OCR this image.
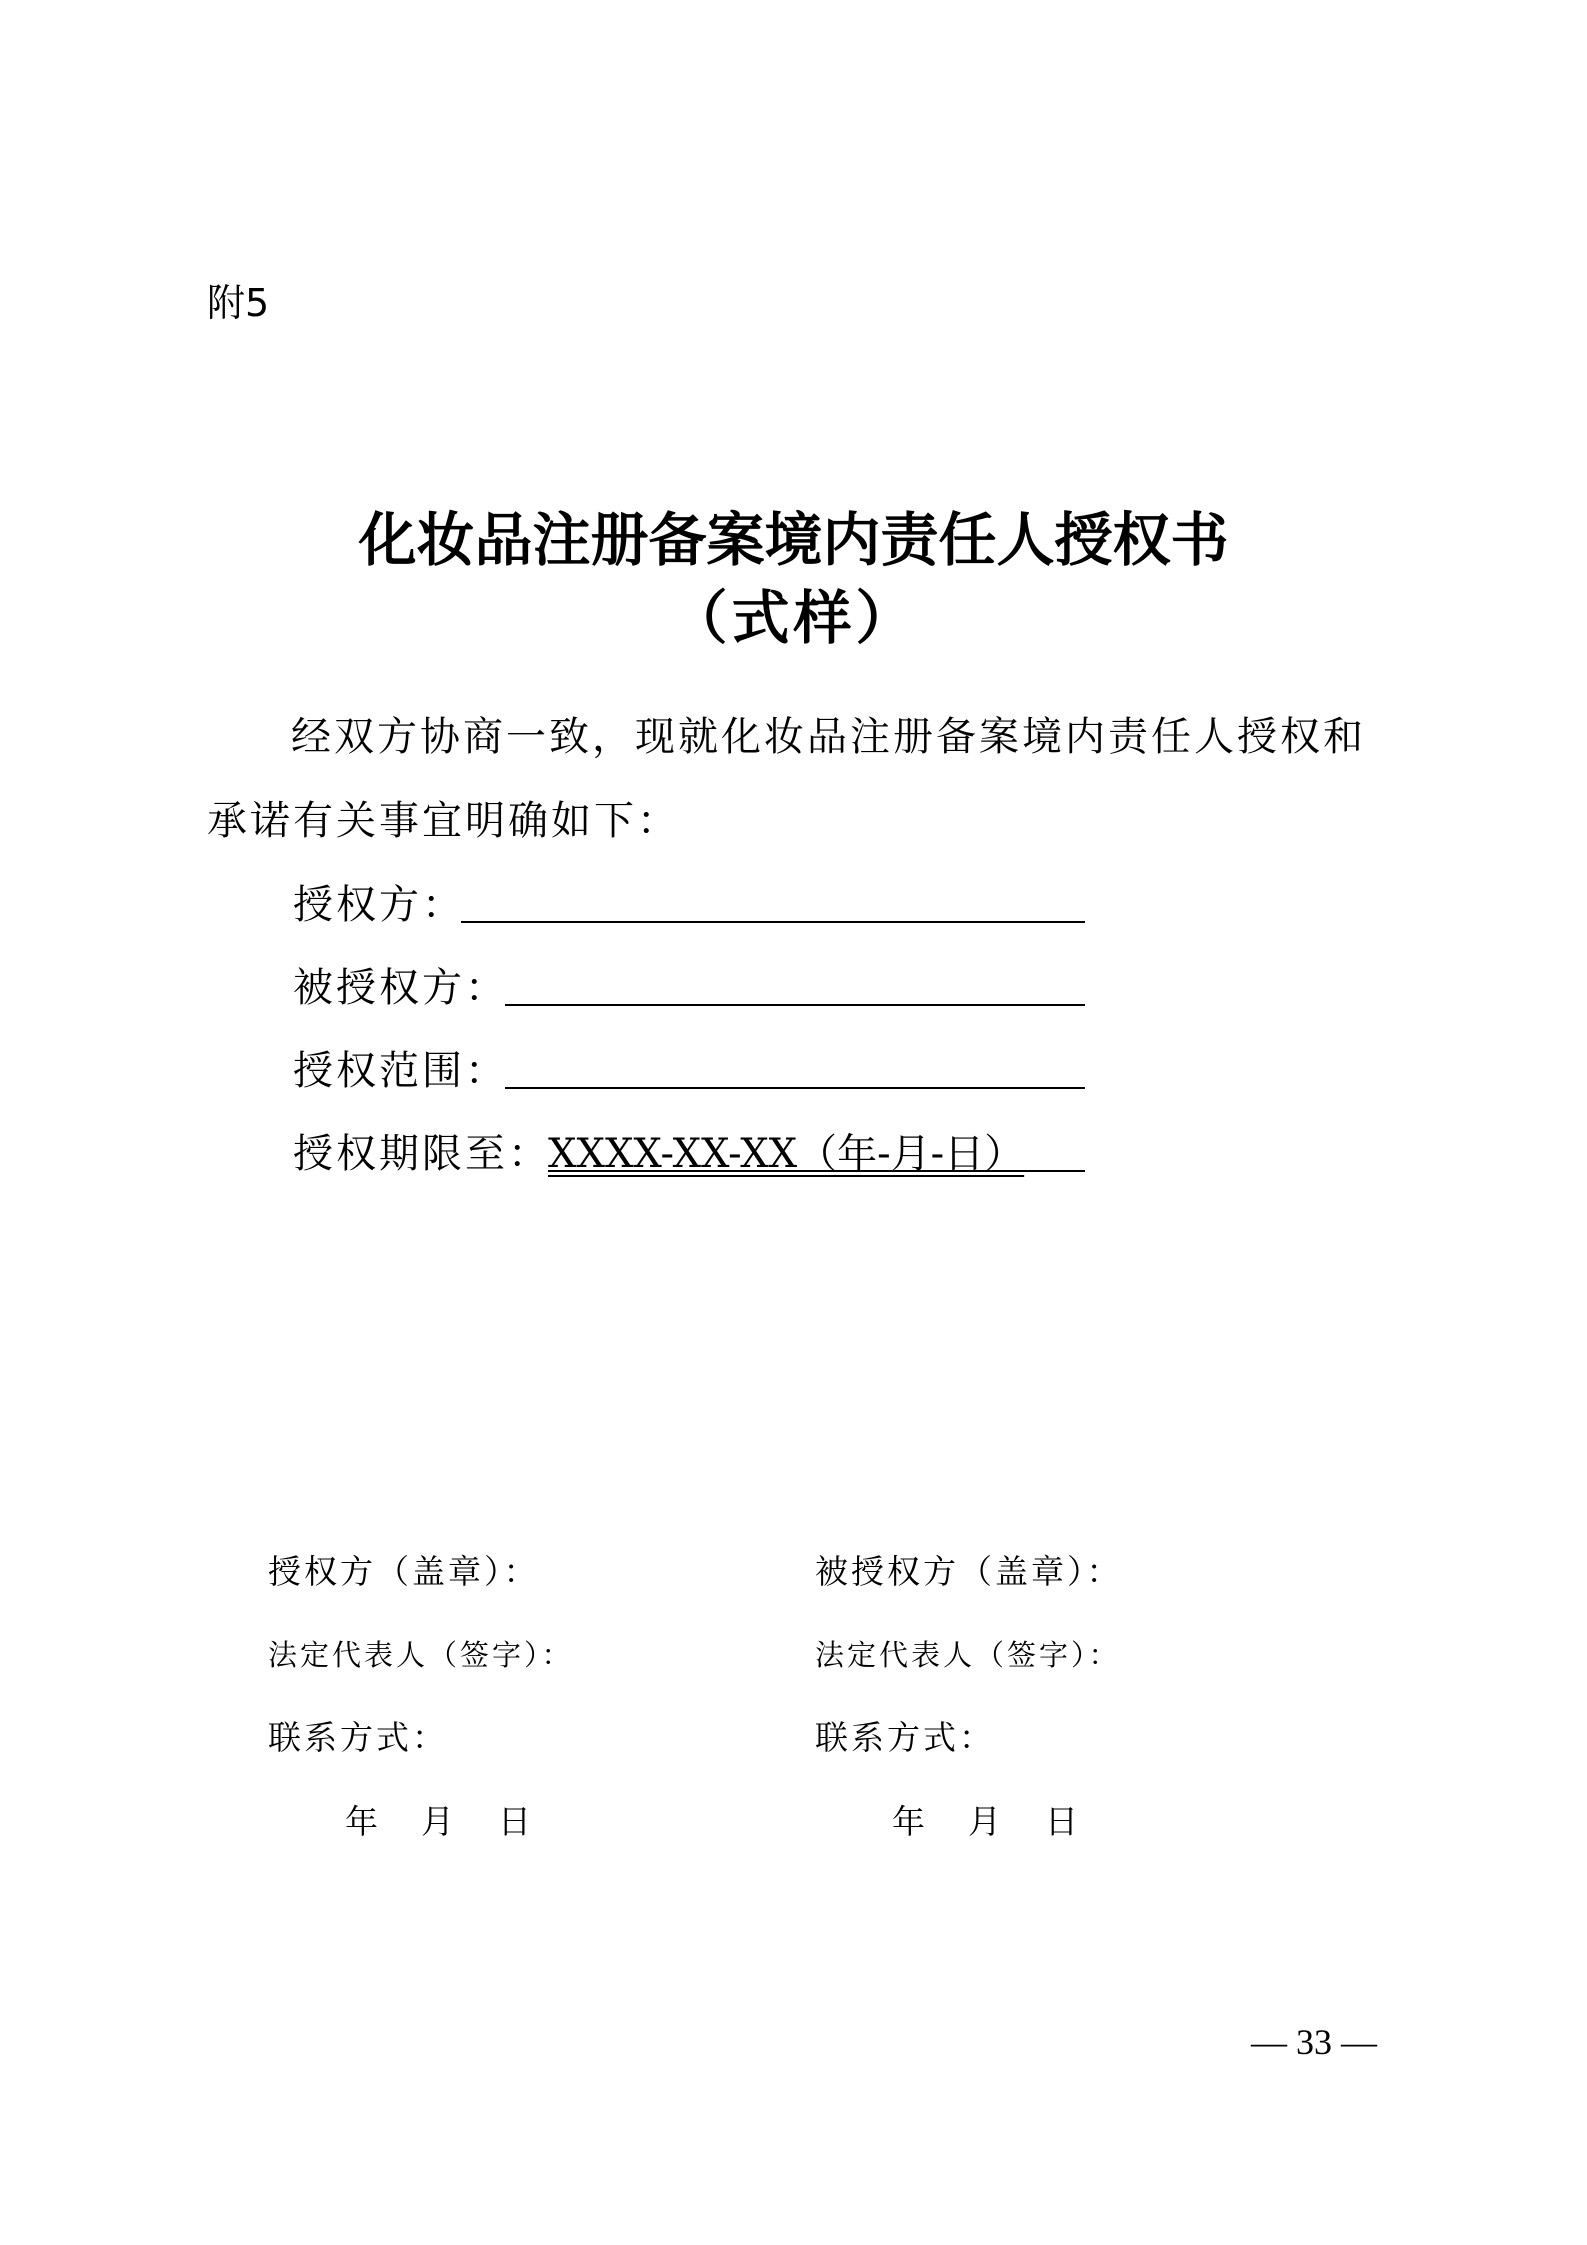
附5
化妆品注册备案境内责任人授权书
（式样）
经双方协商一致，现就化妆品注册备案境内责任人授权和承诺有关事宜明确如下：
授权方：
被授权方：
授权范围：
授权期限至：
XXXX-XX-XX（年-月-日）
授权方（盖章）：
法定代表人（签字）：
联系方式：
年 月 日
被授权方（盖章）：
法定代表人（签字）：
联系方式：
年 月 日
— 33 —
